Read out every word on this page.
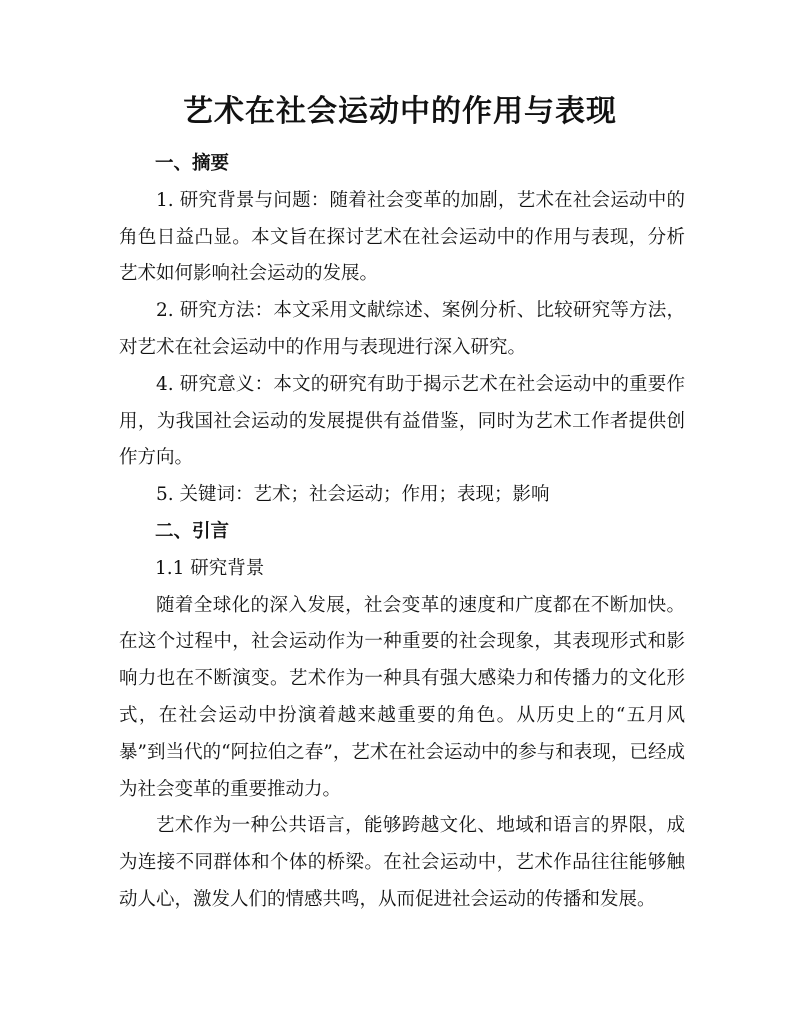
艺术在社会运动中的作用与表现

一、摘要

1. 研究背景与问题：随着社会变革的加剧，艺术在社会运动中的角色日益凸显。本文旨在探讨艺术在社会运动中的作用与表现，分析艺术如何影响社会运动的发展。

2. 研究方法：本文采用文献综述、案例分析、比较研究等方法，对艺术在社会运动中的作用与表现进行深入研究。

4. 研究意义：本文的研究有助于揭示艺术在社会运动中的重要作用，为我国社会运动的发展提供有益借鉴，同时为艺术工作者提供创作方向。

5. 关键词：艺术；社会运动；作用；表现；影响

二、引言

1.1 研究背景

随着全球化的深入发展，社会变革的速度和广度都在不断加快。在这个过程中，社会运动作为一种重要的社会现象，其表现形式和影响力也在不断演变。艺术作为一种具有强大感染力和传播力的文化形式，在社会运动中扮演着越来越重要的角色。从历史上的“五月风暴”到当代的“阿拉伯之春”，艺术在社会运动中的参与和表现，已经成为社会变革的重要推动力。

艺术作为一种公共语言，能够跨越文化、地域和语言的界限，成为连接不同群体和个体的桥梁。在社会运动中，艺术作品往往能够触动人心，激发人们的情感共鸣，从而促进社会运动的传播和发展。
